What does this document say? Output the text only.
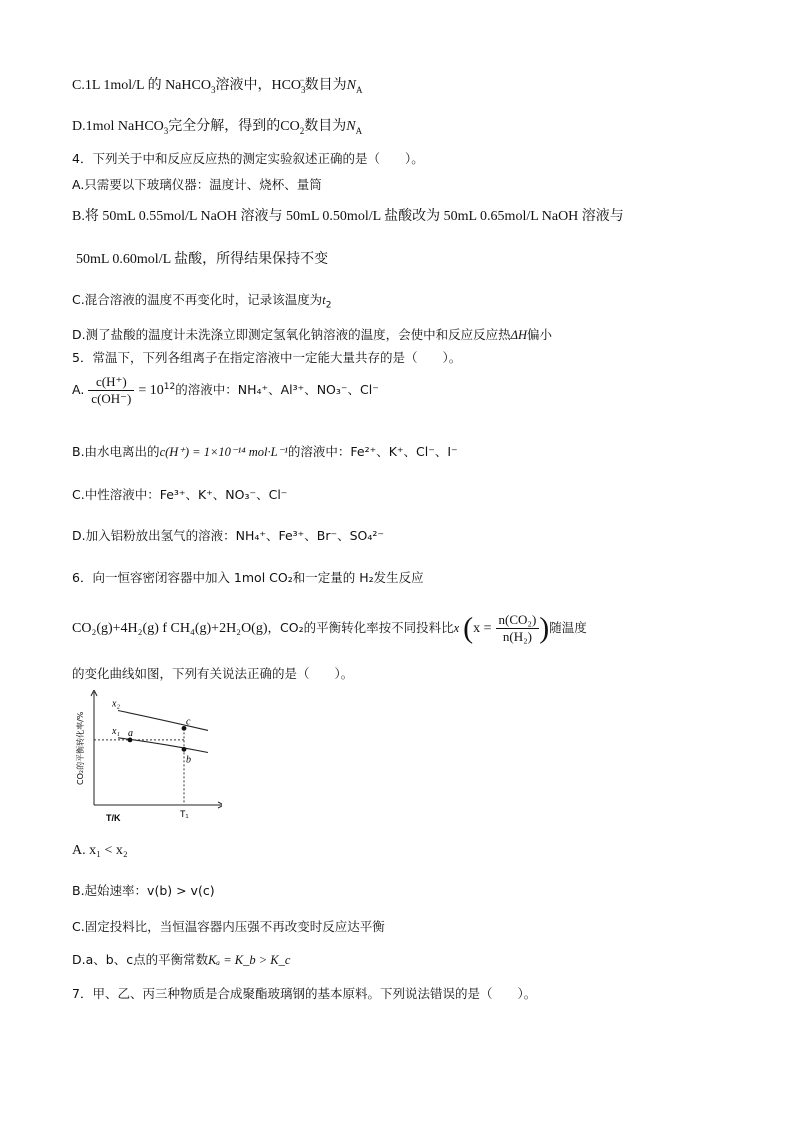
C.1L 1mol/L 的 NaHCO$_3$溶液中，$HCO_3^-$数目为$N_A$
D.1mol NaHCO$_3$完全分解，得到的$CO_2$数目为$N_A$
4．下列关于中和反应反应热的测定实验叙述正确的是（　　）。
A.只需要以下玻璃仪器：温度计、烧杯、量筒
B.将 50mL 0.55mol/L NaOH 溶液与 50mL 0.50mol/L 盐酸改为 50mL 0.65mol/L NaOH 溶液与
50mL 0.60mol/L 盐酸，所得结果保持不变
C.混合溶液的温度不再变化时，记录该温度为$t_2$
D.测了盐酸的温度计未洗涤立即测定氢氧化钠溶液的温度，会使中和反应反应热ΔH偏小
5．常温下，下列各组离子在指定溶液中一定能大量共存的是（　　）。
A. $\frac{c(H^+)}{c(OH^-)} = 10^{12}$的溶液中：NH₄⁺、Al³⁺、NO₃⁻、Cl⁻
B.由水电离出的c(H⁺) = 1×10⁻¹⁴ mol·L⁻¹的溶液中：Fe²⁺、K⁺、Cl⁻、I⁻
C.中性溶液中：Fe³⁺、K⁺、NO₃⁻、Cl⁻
D.加入铝粉放出氢气的溶液：NH₄⁺、Fe³⁺、Br⁻、SO₄²⁻
6．向一恒容密闭容器中加入 1mol CO₂和一定量的 H₂发生反应
CO₂(g)+4H₂(g) f CH₄(g)+2H₂O(g)，CO₂的平衡转化率按不同投料比x ($x = \frac{\text{n(CO₂)}}{\text{n(H₂)}}$ )随温度
的变化曲线如图，下列有关说法正确的是（　　）。
CO₂的平衡转化率/%
T/K
x₂
x₁ a
b
c
T₁
A. x₁ < x₂
B.起始速率：v(b) > v(c)
C.固定投料比，当恒温容器内压强不再改变时反应达平衡
D.a、b、c点的平衡常数Kₐ = K_b > K_c
7．甲、乙、丙三种物质是合成聚酯玻璃钢的基本原料。下列说法错误的是（　　）。
